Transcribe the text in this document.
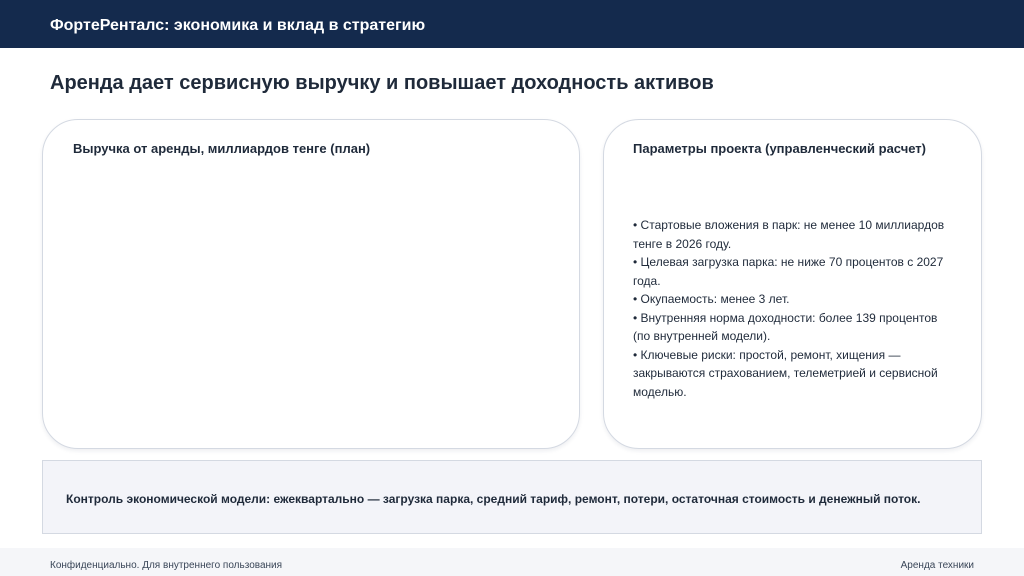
ФортеРенталс: экономика и вклад в стратегию
Аренда дает сервисную выручку и повышает доходность активов
Выручка от аренды, миллиардов тенге (план)	Параметры проекта (управленческий расчет)
• Стартовые вложения в парк: не менее 10 миллиардов тенге в 2026 году.
• Целевая загрузка парка: не ниже 70 процентов с 2027 года.
• Окупаемость: менее 3 лет.
• Внутренняя норма доходности: более 139 процентов (по внутренней модели).
• Ключевые риски: простой, ремонт, хищения — закрываются страхованием, телеметрией и сервисной моделью.
Контроль экономической модели: ежеквартально — загрузка парка, средний тариф, ремонт, потери, остаточная стоимость и денежный поток.
Конфиденциально. Для внутреннего пользования	Аренда техники
